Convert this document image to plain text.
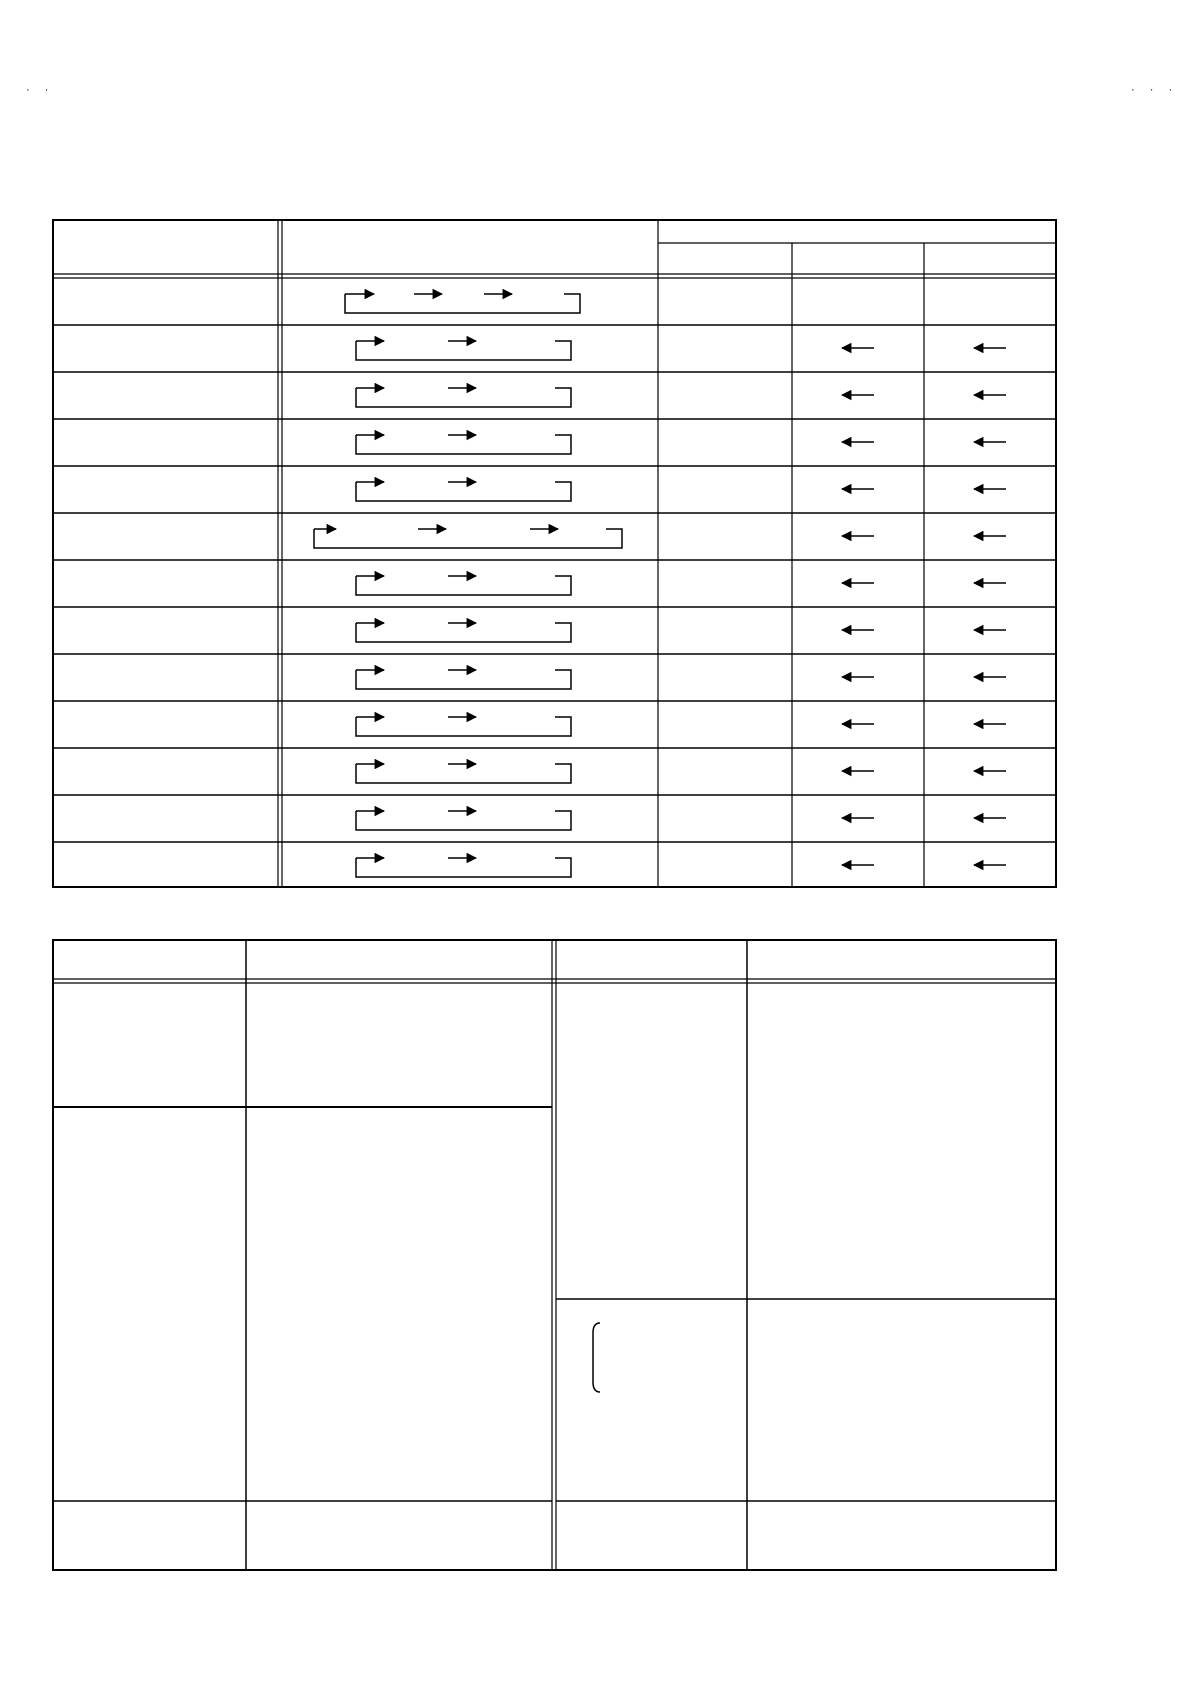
· ·	· · ·
